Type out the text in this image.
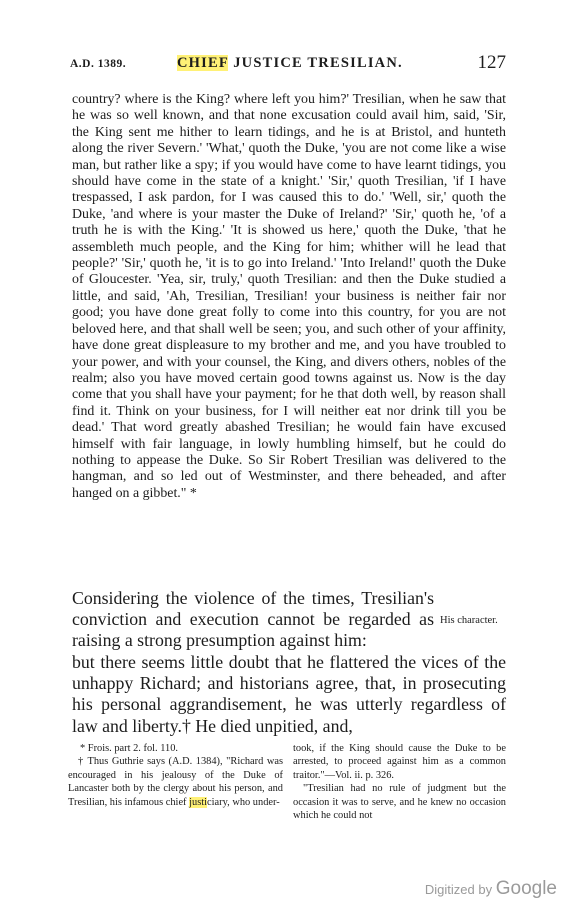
A.D. 1389.	CHIEF JUSTICE TRESILIAN.	127

country? where is the King? where left you him?' Tresilian, when he saw that he was so well known, and that none excusation could avail him, said, 'Sir, the King sent me hither to learn tidings, and he is at Bristol, and hunteth along the river Severn.' 'What,' quoth the Duke, 'you are not come like a wise man, but rather like a spy; if you would have come to have learnt tidings, you should have come in the state of a knight.' 'Sir,' quoth Tresilian, 'if I have trespassed, I ask pardon, for I was caused this to do.' 'Well, sir,' quoth the Duke, 'and where is your master the Duke of Ireland?' 'Sir,' quoth he, 'of a truth he is with the King.' 'It is showed us here,' quoth the Duke, 'that he assembleth much people, and the King for him; whither will he lead that people?' 'Sir,' quoth he, 'it is to go into Ireland.' 'Into Ireland!' quoth the Duke of Gloucester. 'Yea, sir, truly,' quoth Tresilian: and then the Duke studied a little, and said, 'Ah, Tresilian, Tresilian! your business is neither fair nor good; you have done great folly to come into this country, for you are not beloved here, and that shall well be seen; you, and such other of your affinity, have done great displeasure to my brother and me, and you have troubled to your power, and with your counsel, the King, and divers others, nobles of the realm; also you have moved certain good towns against us. Now is the day come that you shall have your payment; for he that doth well, by reason shall find it. Think on your business, for I will neither eat nor drink till you be dead.' That word greatly abashed Tresilian; he would fain have excused himself with fair language, in lowly humbling himself, but he could do nothing to appease the Duke. So Sir Robert Tresilian was delivered to the hangman, and so led out of Westminster, and there beheaded, and after hanged on a gibbet." *

Considering the violence of the times, Tresilian's conviction and execution cannot be regarded as raising a strong presumption against him:

His character.

but there seems little doubt that he flattered the vices of the unhappy Richard; and historians agree, that, in prosecuting his personal aggrandisement, he was utterly regardless of law and liberty.† He died unpitied, and,

* Frois. part 2. fol. 110.

† Thus Guthrie says (A.D. 1384), "Richard was encouraged in his jealousy of the Duke of Lancaster both by the clergy about his person, and Tresilian, his infamous chief justiciary, who under-

took, if the King should cause the Duke to be arrested, to proceed against him as a common traitor."—Vol. ii. p. 326.

"Tresilian had no rule of judgment but the occasion it was to serve, and he knew no occasion which he could not

Digitized by Google
